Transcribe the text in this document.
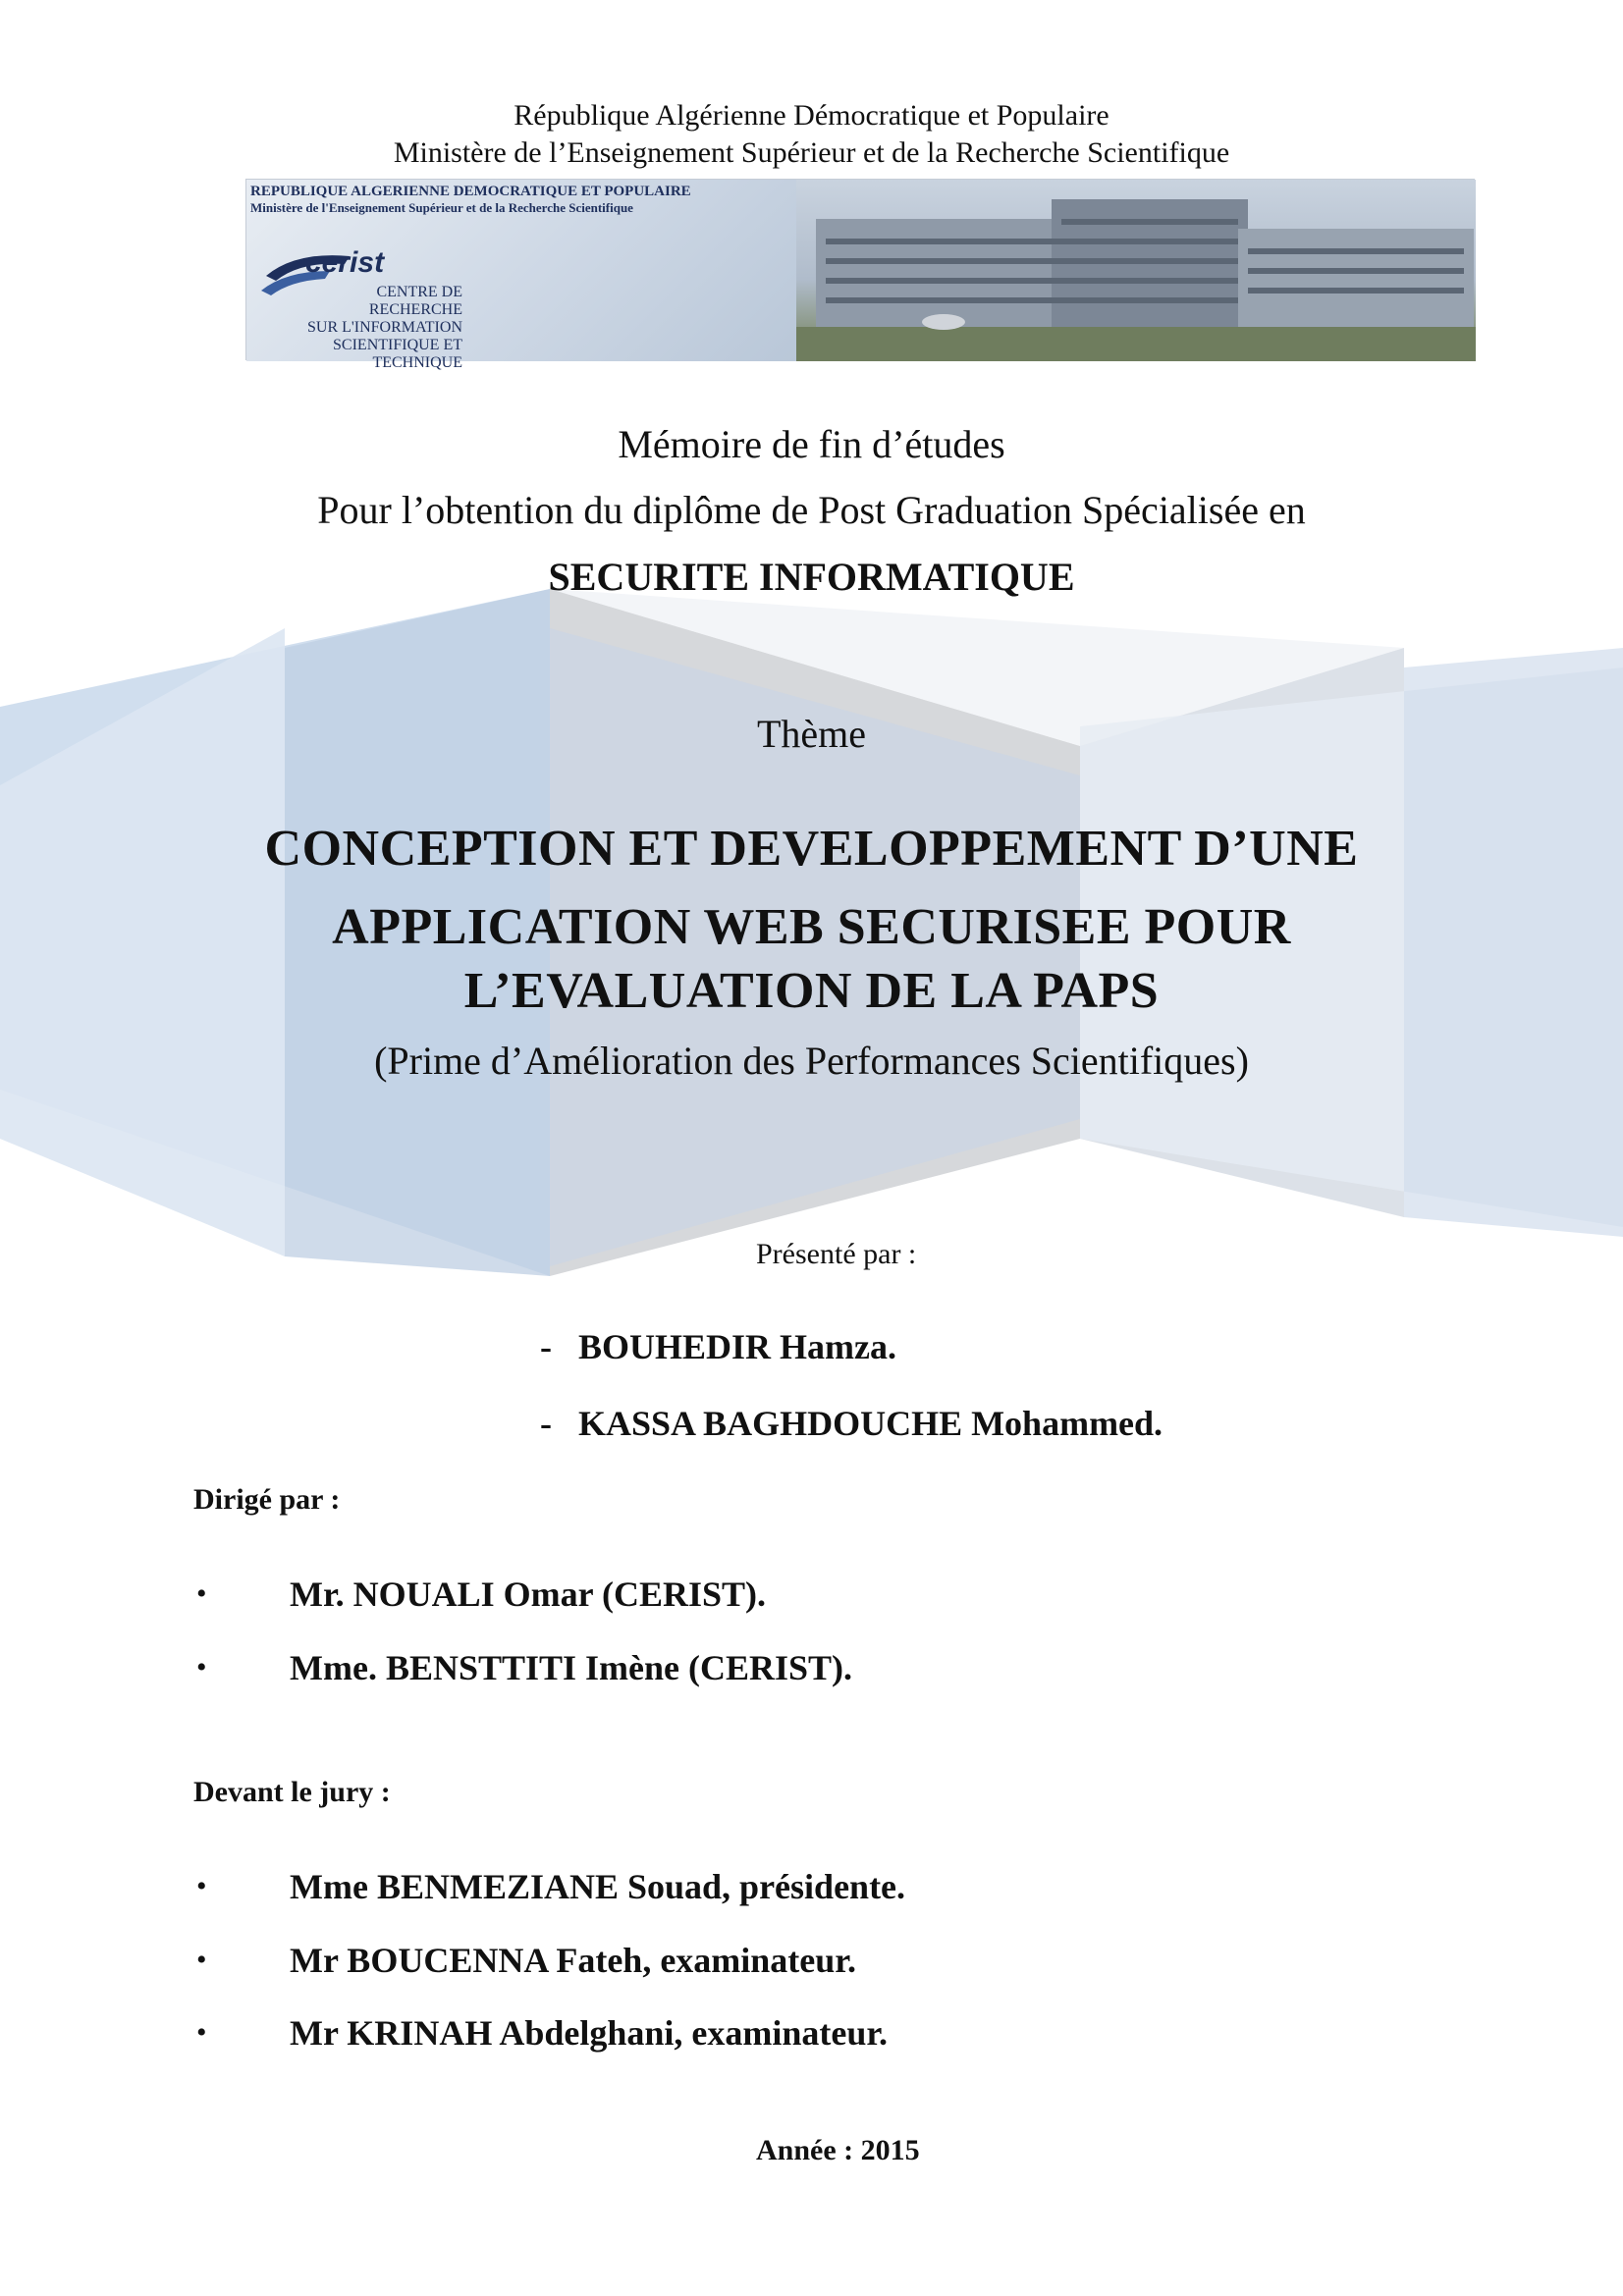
République Algérienne Démocratique et Populaire
Ministère de l’Enseignement Supérieur et de la Recherche Scientifique
REPUBLIQUE ALGERIENNE DEMOCRATIQUE ET POPULAIRE
Ministère de l'Enseignement Supérieur et de la Recherche Scientifique
cerist
CENTRE DE RECHERCHE
SUR L'INFORMATION
SCIENTIFIQUE ET TECHNIQUE
Mémoire de fin d’études
Pour l’obtention du diplôme de Post Graduation Spécialisée en
SECURITE INFORMATIQUE
Thème
CONCEPTION ET DEVELOPPEMENT D’UNE
APPLICATION WEB SECURISEE POUR
L’EVALUATION DE LA PAPS
(Prime d’Amélioration des Performances Scientifiques)
Présenté par :
- BOUHEDIR Hamza.
- KASSA BAGHDOUCHE Mohammed.
Dirigé par :
• Mr. NOUALI Omar (CERIST).
• Mme. BENSTTITI Imène (CERIST).
Devant le jury :
• Mme BENMEZIANE Souad, présidente.
• Mr BOUCENNA Fateh, examinateur.
• Mr KRINAH Abdelghani, examinateur.
Année : 2015
